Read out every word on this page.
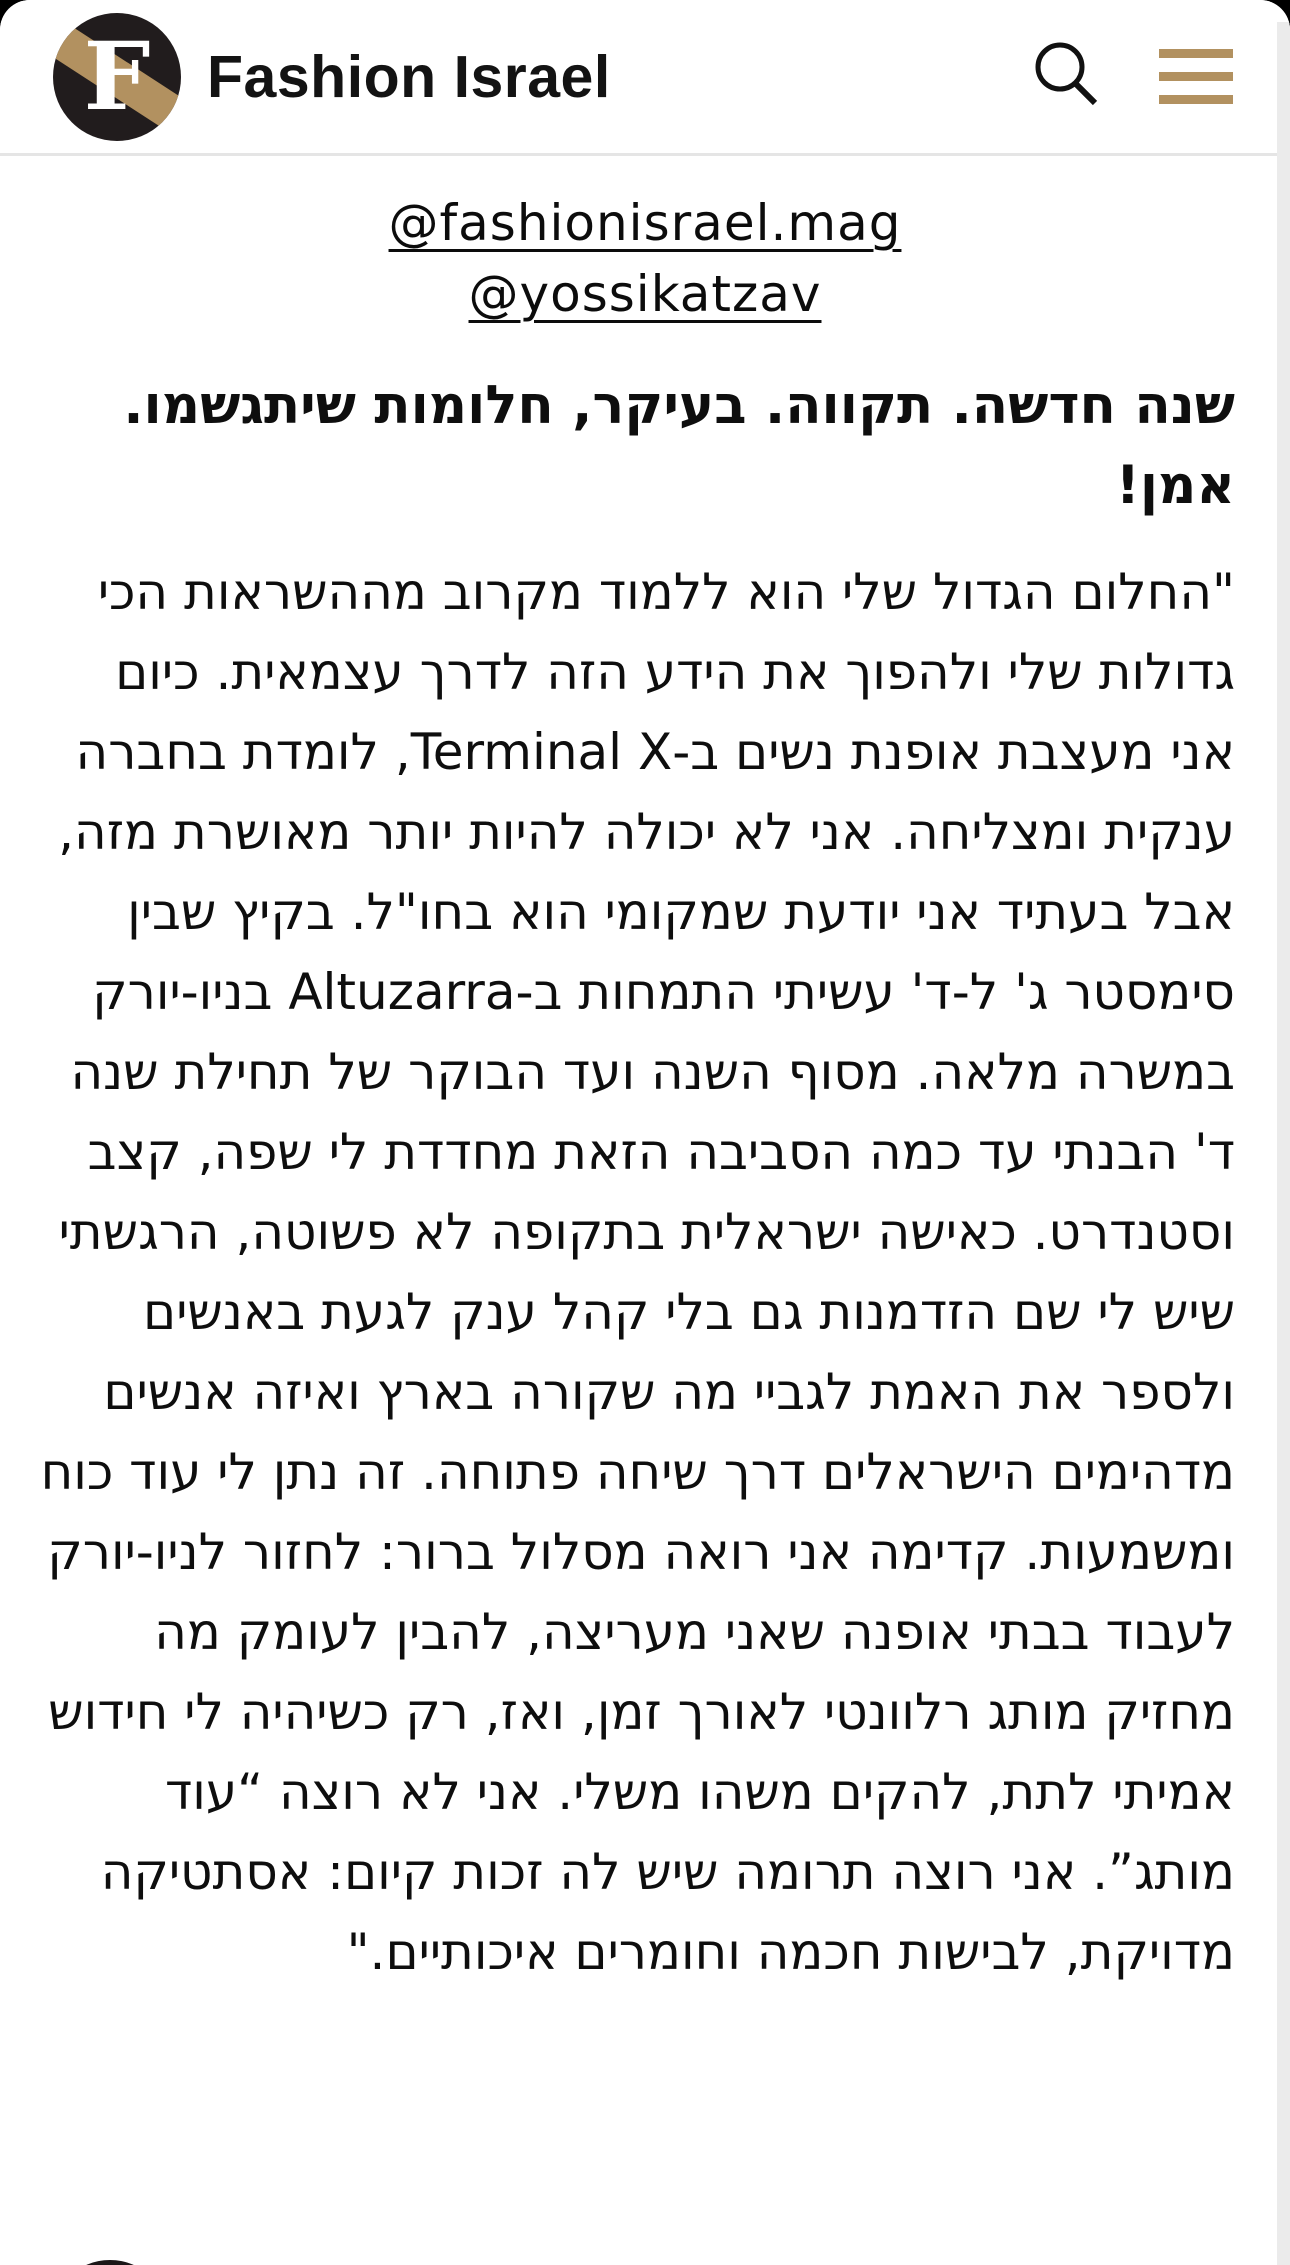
F Fashion Israel
@fashionisrael.mag
@yossikatzav
שנה חדשה. תקווה. בעיקר, חלומות שיתגשמו. אמן!

"החלום הגדול שלי הוא ללמוד מקרוב מההשראות הכי גדולות שלי ולהפוך את הידע הזה לדרך עצמאית. כיום אני מעצבת אופנת נשים ב-Terminal X, לומדת בחברה ענקית ומצליחה. אני לא יכולה להיות יותר מאושרת מזה, אבל בעתיד אני יודעת שמקומי הוא בחו"ל. בקיץ שבין סימסטר ג' ל-ד' עשיתי התמחות ב-Altuzarra בניו-יורק במשרה מלאה. מסוף השנה ועד הבוקר של תחילת שנה ד' הבנתי עד כמה הסביבה הזאת מחדדת לי שפה, קצב וסטנדרט. כאישה ישראלית בתקופה לא פשוטה, הרגשתי שיש לי שם הזדמנות גם בלי קהל ענק לגעת באנשים ולספר את האמת לגביי מה שקורה בארץ ואיזה אנשים מדהימים הישראלים דרך שיחה פתוחה. זה נתן לי עוד כוח ומשמעות. קדימה אני רואה מסלול ברור: לחזור לניו-יורק לעבוד בבתי אופנה שאני מעריצה, להבין לעומק מה מחזיק מותג רלוונטי לאורך זמן, ואז, רק כשיהיה לי חידוש אמיתי לתת, להקים משהו משלי. אני לא רוצה “עוד מותג”. אני רוצה תרומה שיש לה זכות קיום: אסתטיקה מדויקת, לבישות חכמה וחומרים איכותיים."
